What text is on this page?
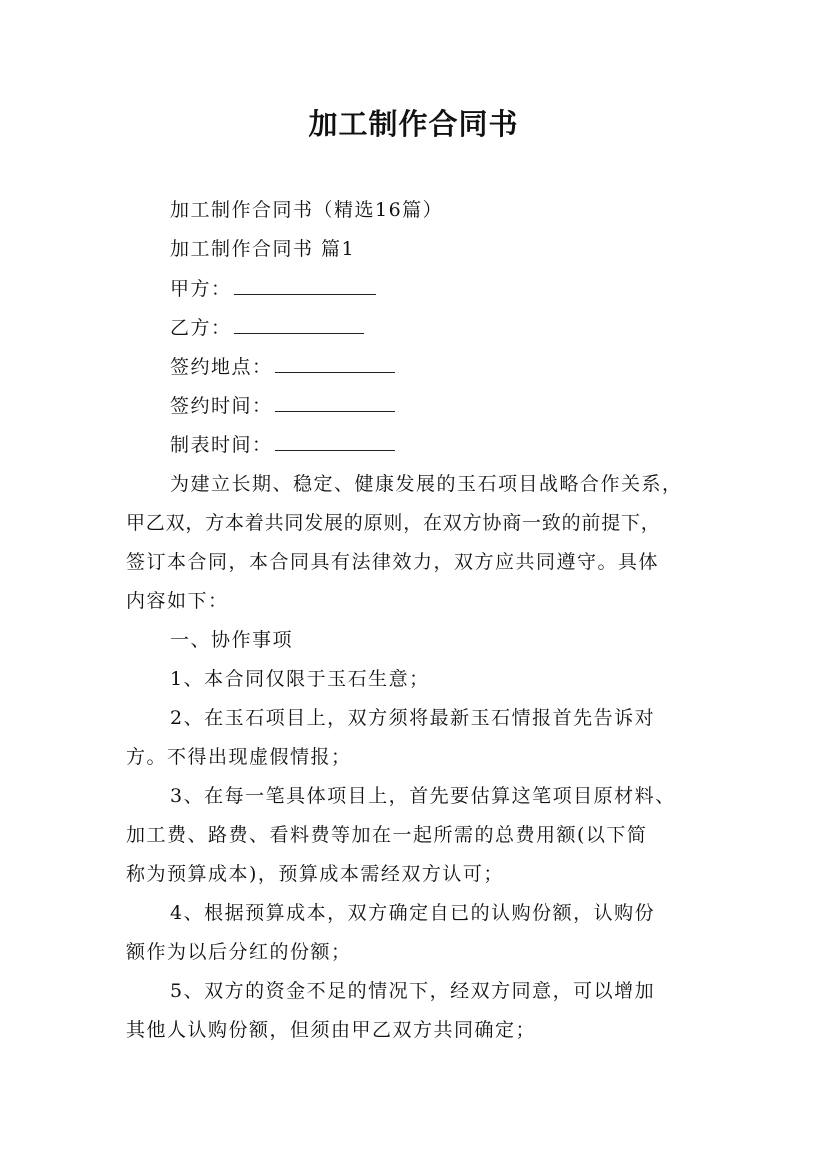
加工制作合同书
加工制作合同书（精选16篇）
加工制作合同书 篇1
甲方：
乙方：
签约地点：
签约时间：
制表时间：
为建立长期、稳定、健康发展的玉石项目战略合作关系，
甲乙双，方本着共同发展的原则，在双方协商一致的前提下，
签订本合同，本合同具有法律效力，双方应共同遵守。具体
内容如下：
一、协作事项
1、本合同仅限于玉石生意；
2、在玉石项目上，双方须将最新玉石情报首先告诉对
方。不得出现虚假情报；
3、在每一笔具体项目上，首先要估算这笔项目原材料、
加工费、路费、看料费等加在一起所需的总费用额(以下简
称为预算成本)，预算成本需经双方认可；
4、根据预算成本，双方确定自已的认购份额，认购份
额作为以后分红的份额；
5、双方的资金不足的情况下，经双方同意，可以增加
其他人认购份额，但须由甲乙双方共同确定；
